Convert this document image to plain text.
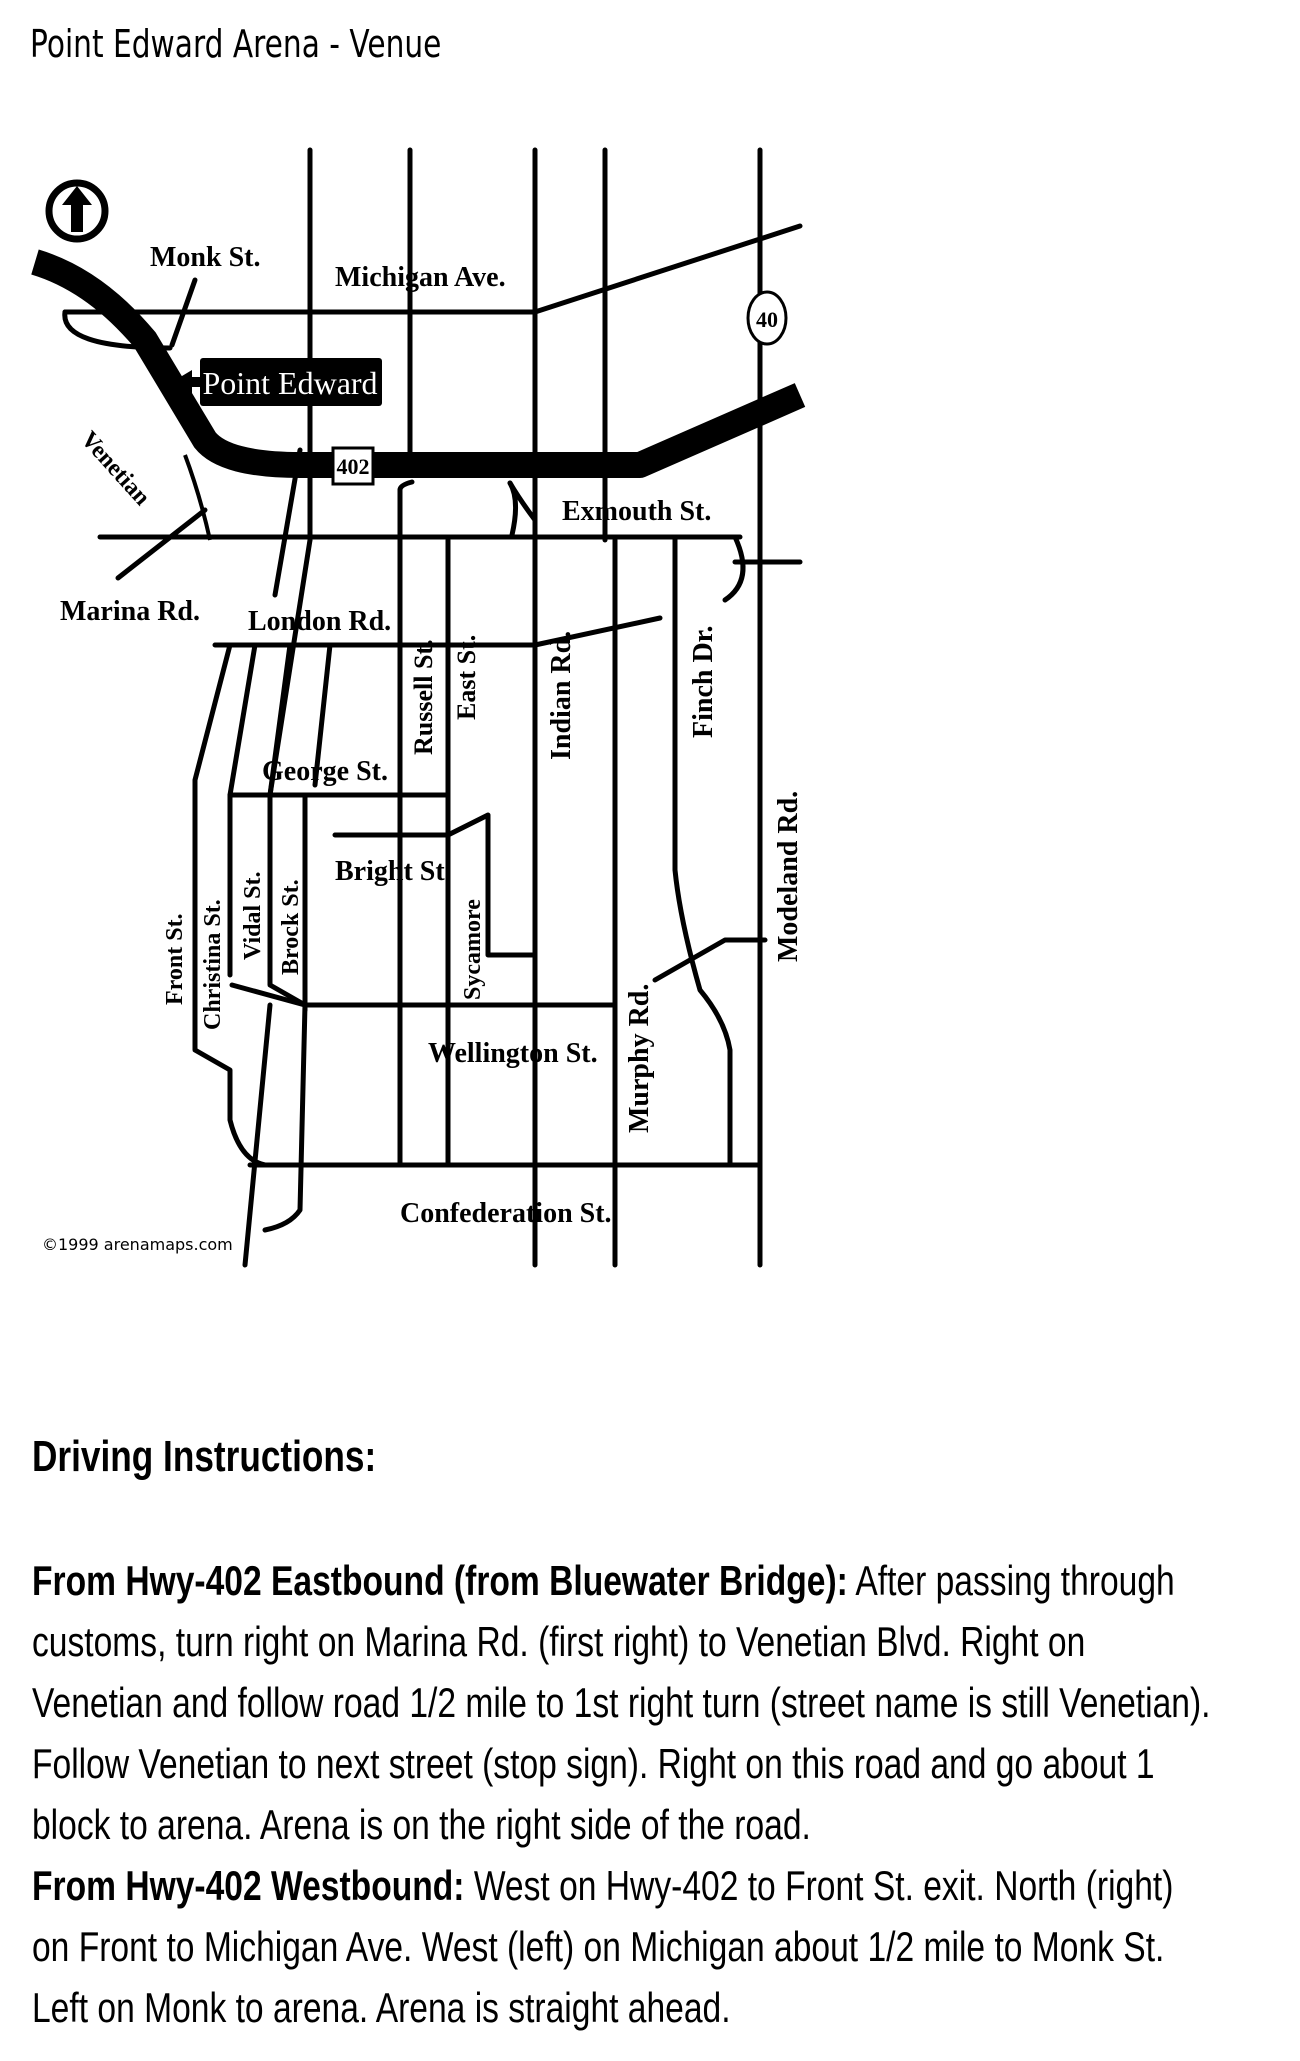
Point Edward Arena - Venue
402
40
Point Edward
Monk St.
Michigan Ave.
Venetian
Marina Rd.
Exmouth St.
London Rd.
Russell St. East St. Indian Rd.	Finch Dr.
Modeland Rd.
George St.
Bright St.
Sycamore
Front St. Christina St. Vidal St. Brock St.
Wellington St. Murphy Rd.
Confederation St.
©1999 arenamaps.com
Driving Instructions:

From Hwy-402 Eastbound (from Bluewater Bridge): After passing through customs, turn right on Marina Rd. (first right) to Venetian Blvd. Right on Venetian and follow road 1/2 mile to 1st right turn (street name is still Venetian). Follow Venetian to next street (stop sign). Right on this road and go about 1 block to arena. Arena is on the right side of the road.

From Hwy-402 Westbound: West on Hwy-402 to Front St. exit. North (right) on Front to Michigan Ave. West (left) on Michigan about 1/2 mile to Monk St. Left on Monk to arena. Arena is straight ahead.
